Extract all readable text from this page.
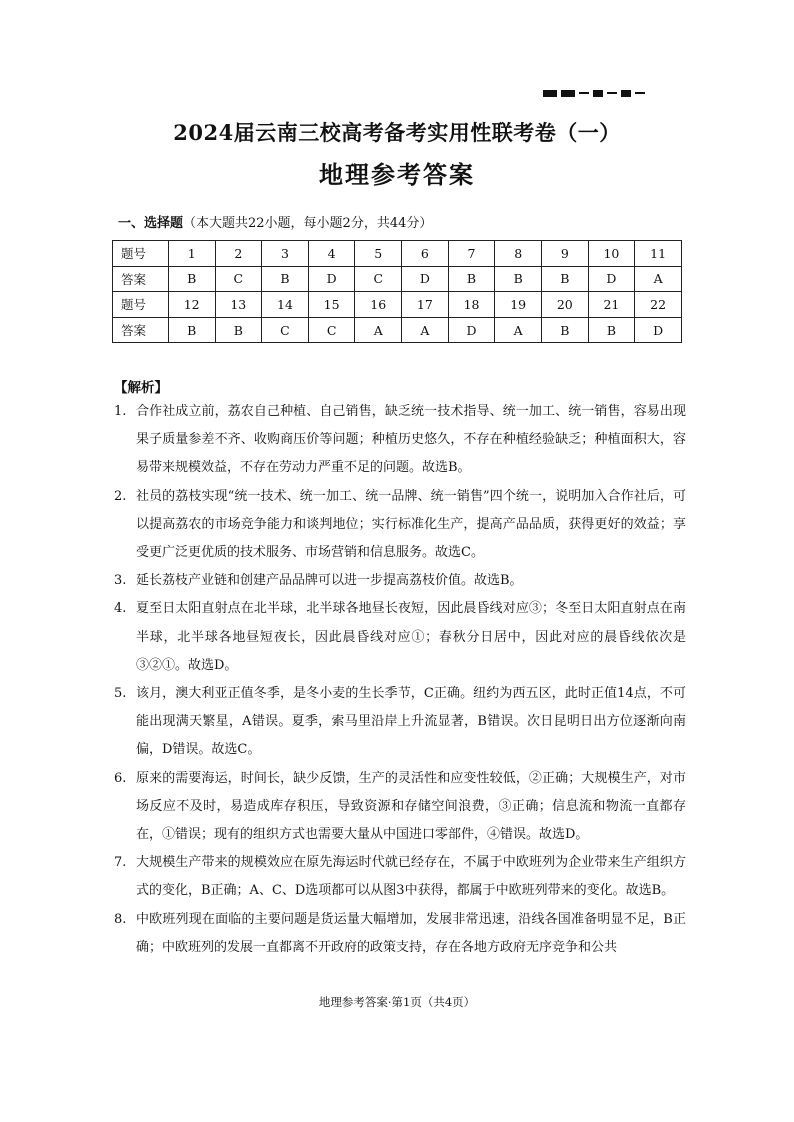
2024届云南三校高考备考实用性联考卷（一）
地理参考答案
一、选择题（本大题共22小题，每小题2分，共44分）
题号	1	2	3	4	5	6	7	8	9	10	11
答案	B	C	B	D	C	D	B	B	B	D	A
题号	12	13	14	15	16	17	18	19	20	21	22
答案	B	B	C	C	A	A	D	A	B	B	D
【解析】
1. 合作社成立前，荔农自己种植、自己销售，缺乏统一技术指导、统一加工、统一销售，容易出现果子质量参差不齐、收购商压价等问题；种植历史悠久，不存在种植经验缺乏；种植面积大，容易带来规模效益，不存在劳动力严重不足的问题。故选B。
2. 社员的荔枝实现“统一技术、统一加工、统一品牌、统一销售”四个统一，说明加入合作社后，可以提高荔农的市场竞争能力和谈判地位；实行标准化生产，提高产品品质，获得更好的效益；享受更广泛更优质的技术服务、市场营销和信息服务。故选C。
3. 延长荔枝产业链和创建产品品牌可以进一步提高荔枝价值。故选B。
4. 夏至日太阳直射点在北半球，北半球各地昼长夜短，因此晨昏线对应③；冬至日太阳直射点在南半球，北半球各地昼短夜长，因此晨昏线对应①；春秋分日居中，因此对应的晨昏线依次是③②①。故选D。
5. 该月，澳大利亚正值冬季，是冬小麦的生长季节，C正确。纽约为西五区，此时正值14点，不可能出现满天繁星，A错误。夏季，索马里沿岸上升流显著，B错误。次日昆明日出方位逐渐向南偏，D错误。故选C。
6. 原来的需要海运，时间长，缺少反馈，生产的灵活性和应变性较低，②正确；大规模生产，对市场反应不及时，易造成库存积压，导致资源和存储空间浪费，③正确；信息流和物流一直都存在，①错误；现有的组织方式也需要大量从中国进口零部件，④错误。故选D。
7. 大规模生产带来的规模效应在原先海运时代就已经存在，不属于中欧班列为企业带来生产组织方式的变化，B正确；A、C、D选项都可以从图3中获得，都属于中欧班列带来的变化。故选B。
8. 中欧班列现在面临的主要问题是货运量大幅增加，发展非常迅速，沿线各国准备明显不足，B正确；中欧班列的发展一直都离不开政府的政策支持，存在各地方政府无序竞争和公共
地理参考答案·第1页（共4页）
